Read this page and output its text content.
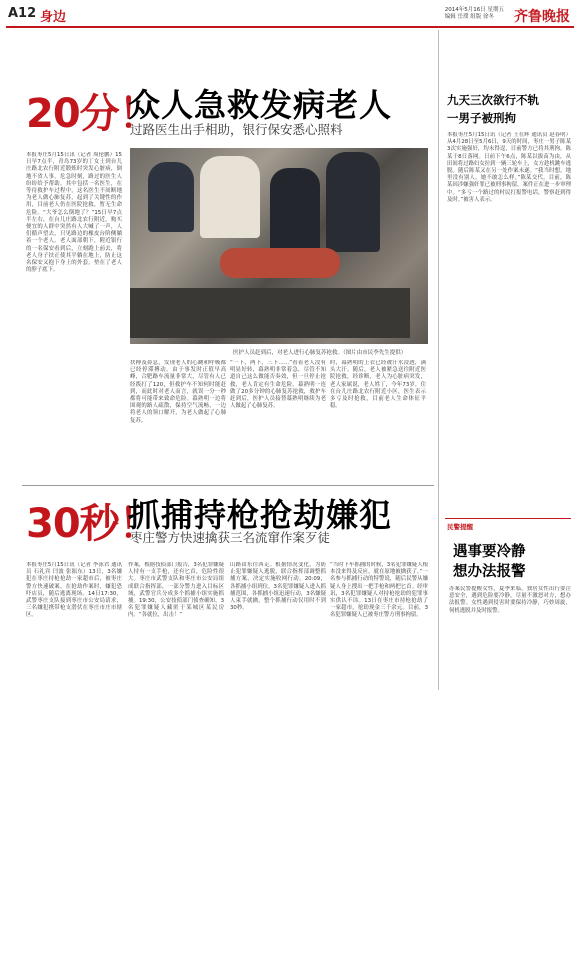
A12 身边	2014年5月16日 星期五
编辑 岳璞 组版 徐冬	齐鲁晚报
20分！
众人急救发病老人
过路医生出手相助，银行保安悉心照料
本报枣庄5月15日讯（记者 周伦鹏）15日早7点半，青岛73岁的丁女士到台儿庄路北农行附近锻炼时突发心脏病，倒地不省人事。危急时刻，路过的医生人纷纷给予帮助。其中包括一名医生，在等待救护车过程中，这名医生不间断地为老人做心肺复苏，起到了关键性的作用，目前老人仍在医院抢救，暂无生命危险。“大爷怎么倒地了？”15日早7点半左右，在台儿庄路北农行附近，购买便宜的人群中突然有人大喊了一声，人们循声望去，只见路边的橡皮台阶侧躺着一个老人。老人面部朝下，附近银行的一名保安看到后，立刻跑上前去，将老人身子扶正使其平躺在地上，防止这名保安又抱下身上的外套，垫在了老人的脖子底下。
医护人员赶到后，对老人进行心肺复苏抢救。（图片由市民李先生提供）
扶搏及鼻息，发现老人的心跳和呼吸都已经停滞搏动。由于事发时正值早高峰，合肥路车流量非常大，尽管有人已经拨打了120，但救护车不知何时能赶到，而此时对老人而言，就误一分一秒都将可能带来致命危险。幕熟明一边将围观的路人疏散，保持空气流畅，一边将老人的领口解开，为老人做起了心肺复苏。
“一下，两下，三下……”看着老人没有明显好转，幕熟明非常着急，尽管不知道自己这么做能否奏效，但一旦停止抢救，老人肯定有生命危险。幕熟明一连做了20多分钟的心肺复苏抢救，救护车赶到后，医护人员接替幕熟明继续为老人做起了心肺复苏。
时，幕熟明的上衣已经被汗水浸透，满头大汗。随后，老人被紧急送往附近医院抢救，经诊断，老人为心脏病突发，老人家属说，老人姓丁，今年73岁，住在台儿庄路北农行附近小区，医生表示多亏及时抢救，目前老人生命体征平稳。
30秒！
抓捕持枪抢劫嫌犯
枣庄警方快速擒获三名流窜作案歹徒
本报枣庄5月15日讯（记者 李泳君 通讯员 石礼宾 闫波 张振东）13日，3名嫌犯在枣庄持枪抢劫一家超市后，被枣庄警方快速破案。在抢劫作案时，嫌犯恐吓店员，随后逃离现场。14日17:30，武警枣庄支队接到枣庄市公安局请求，三名嫌犯携带枪支潜伏在枣庄市庄市辖区。
作案，根据技侦部门报告，3名犯罪嫌疑人持有一支手枪，还有匕首，危险性很大。枣庄市武警支队和枣庄市公安局组成联合指挥部，一部分警力进入目标区域，武警官兵分成多个抓捕小组实施抓捕。19:30，公安技侦部门侦查确知，3名犯罪嫌疑人藏匿于某城区某民房内。“各就位，出击！”
山路由东往西走。根据情况变化，为防止犯罪嫌疑人逃脱，联合指挥部调整抓捕方案，决定实施收网行动。20:09，各抓捕小组到位，3名犯罪嫌疑人进入抓捕范围，各抓捕小组迅速行动，3名嫌疑人束手就擒，整个抓捕行动仅用时不到30秒。
“当时下车抓捕的时候，3名犯罪嫌疑人根本没来得及反应，就在原地被擒获了。”一名参与抓捕行动的特警说，随后民警从嫌疑人身上搜出一把手枪和两把匕首。经审讯，3名犯罪嫌疑人对持枪抢劫的犯罪事实供认不讳。13日在枣庄市持枪抢劫了一家超市，抢劫现金三千余元。目前，3名犯罪嫌疑人已被枣庄警方刑事拘留。
九天三次欲行不轨
一男子被刑拘
本报枣庄5月15日讯（记者 王在辉 通讯员 赵春明）从4月28日至5月6日，9天的时间，枣庄一男子陈某3次实施强奸，均未得逞，日前警方已将其刑拘。陈某于8日落网。日前下午6点，陈某以拔苗为由，从田间将过路妇女拉到一辆三轮车上，女方趁机跳车逃脱。随后陈某又在另一处作案未遂。“我当时想，地里没有别人，她不敢怎么样。”陈某交代。目前，陈某因涉嫌强奸罪已被刑事拘留，案件正在进一步审理中。“多亏一个路过的村民打报警电话，警察赶到得及时。”被害人表示。
民警提醒
遇事要冷静
想办法报警
办案民警提醒女性，夏季来临，独居女性出行要注意安全，遇到危险要冷静，尽量不激怒对方，想办法报警。女性遇到侵害时要保持冷静，巧妙周旋，伺机逃脱并及时报警。
